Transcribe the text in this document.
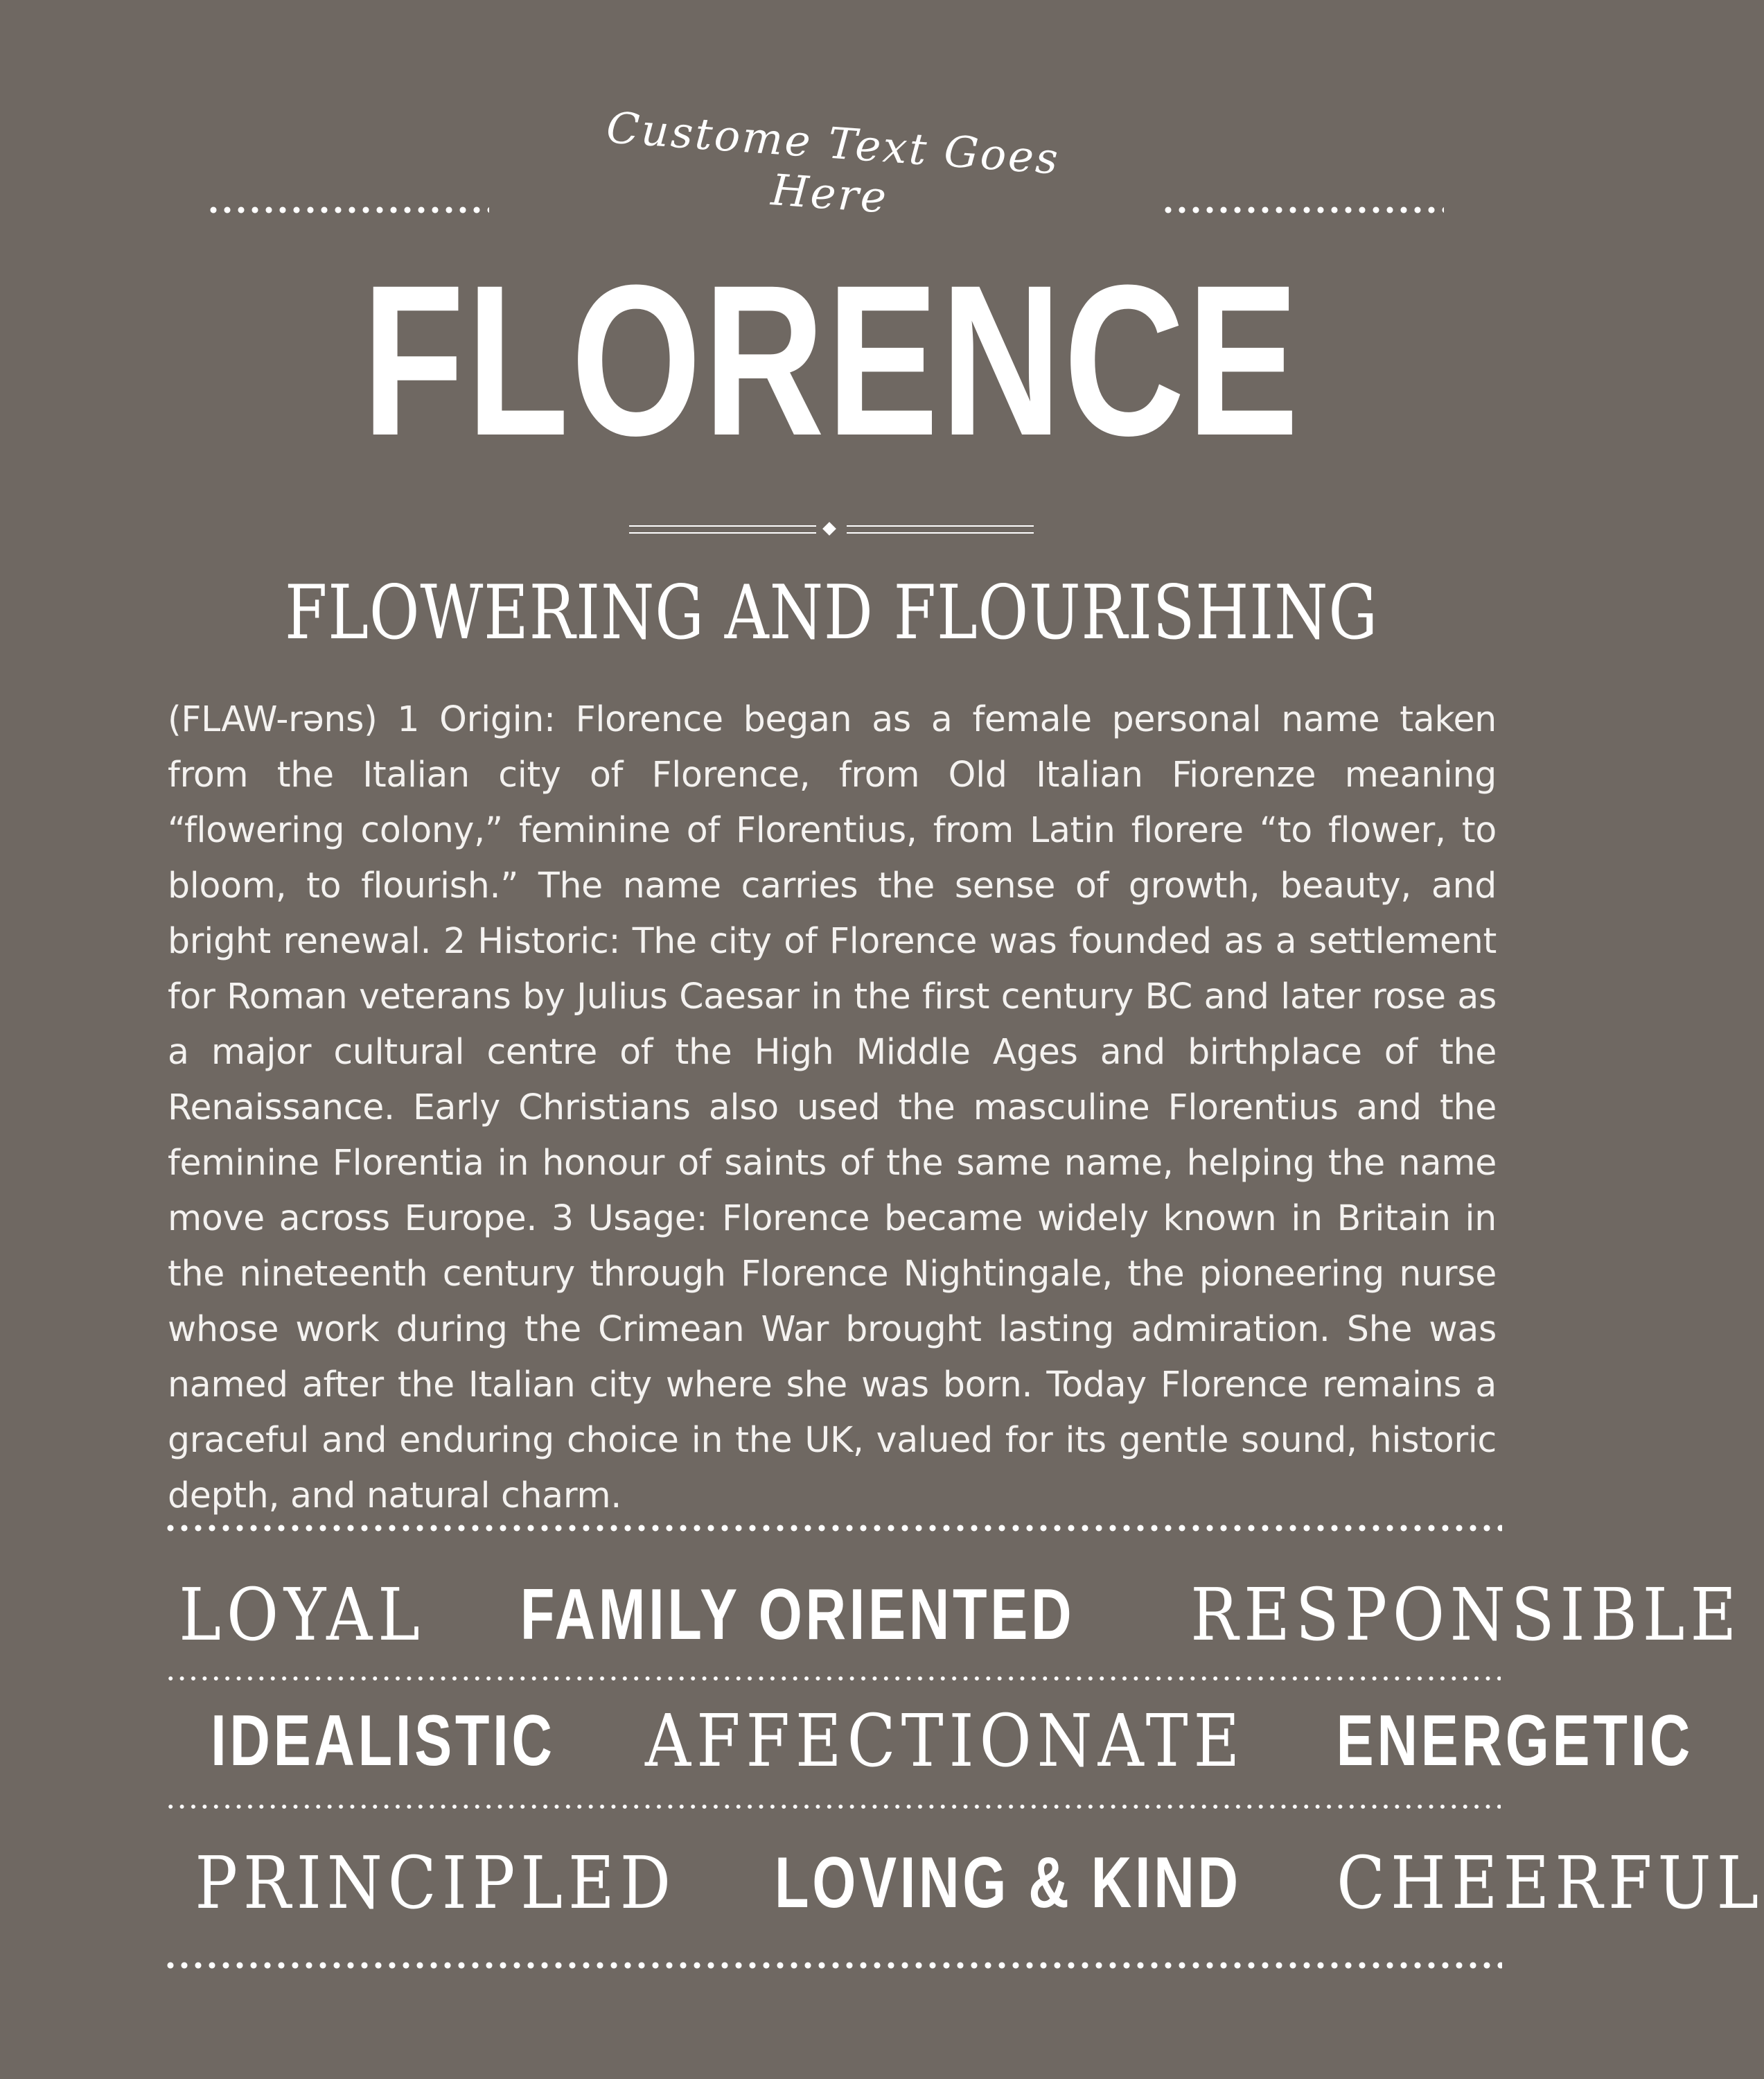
Custome Text Goes Here
FLORENCE
FLOWERING AND FLOURISHING
(FLAW-rəns) 1 Origin: Florence began as a female personal name taken from the Italian city of Florence, from Old Italian Fiorenze meaning “flowering colony,” feminine of Florentius, from Latin florere “to flower, to bloom, to flourish.” The name carries the sense of growth, beauty, and bright renewal. 2 Historic: The city of Florence was founded as a settlement for Roman veterans by Julius Caesar in the first century BC and later rose as a major cultural centre of the High Middle Ages and birthplace of the Renaissance. Early Christians also used the masculine Florentius and the feminine Florentia in honour of saints of the same name, helping the name move across Europe. 3 Usage: Florence became widely known in Britain in the nineteenth century through Florence Nightingale, the pioneering nurse whose work during the Crimean War brought lasting admiration. She was named after the Italian city where she was born. Today Florence remains a graceful and enduring choice in the UK, valued for its gentle sound, historic depth, and natural charm.
LOYAL FAMILY ORIENTED RESPONSIBLE
IDEALISTIC AFFECTIONATE ENERGETIC
PRINCIPLED LOVING & KIND CHEERFUL
